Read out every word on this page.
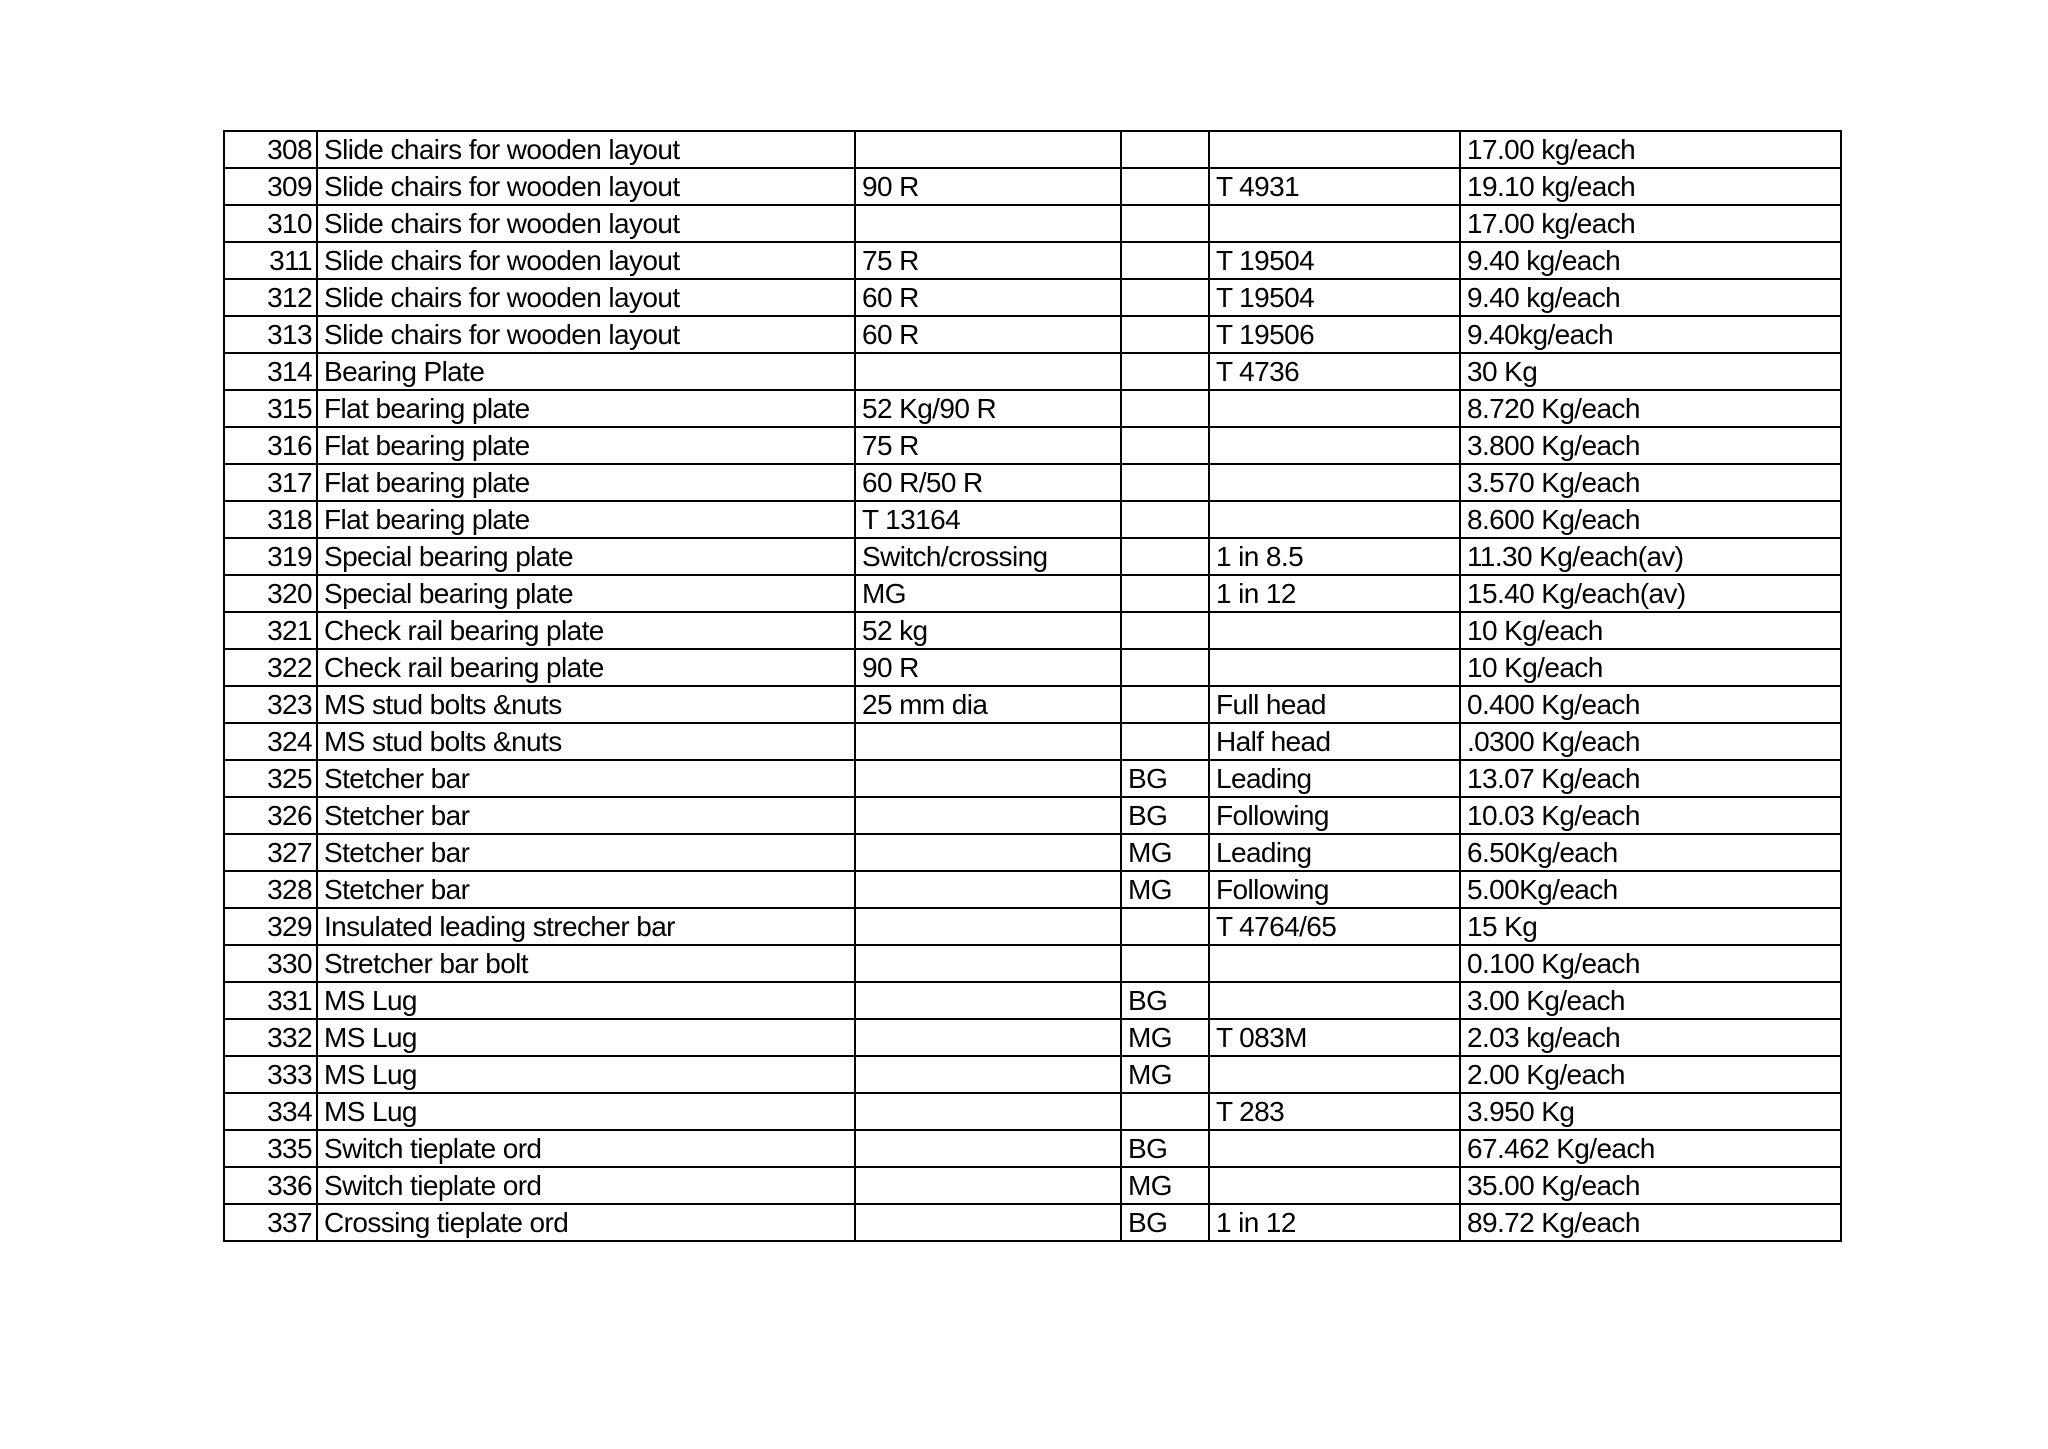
308	Slide chairs for wooden layout				17.00 kg/each
309	Slide chairs for wooden layout	90 R		T 4931	19.10 kg/each
310	Slide chairs for wooden layout				17.00 kg/each
311	Slide chairs for wooden layout	75 R		T 19504	9.40 kg/each
312	Slide chairs for wooden layout	60 R		T 19504	9.40 kg/each
313	Slide chairs for wooden layout	60 R		T 19506	9.40kg/each
314	Bearing Plate			T 4736	30 Kg
315	Flat bearing plate	52 Kg/90 R			8.720 Kg/each
316	Flat bearing plate	75 R			3.800 Kg/each
317	Flat bearing plate	60 R/50 R			3.570 Kg/each
318	Flat bearing plate	T 13164			8.600 Kg/each
319	Special bearing plate	Switch/crossing		1 in 8.5	11.30 Kg/each(av)
320	Special bearing plate	MG		1 in 12	15.40 Kg/each(av)
321	Check rail bearing plate	52 kg			10 Kg/each
322	Check rail bearing plate	90 R			10 Kg/each
323	MS stud bolts &nuts	25 mm dia		Full head	0.400 Kg/each
324	MS stud bolts &nuts			Half head	.0300 Kg/each
325	Stetcher bar		BG	Leading	13.07 Kg/each
326	Stetcher bar		BG	Following	10.03 Kg/each
327	Stetcher bar		MG	Leading	6.50Kg/each
328	Stetcher bar		MG	Following	5.00Kg/each
329	Insulated leading strecher bar			T 4764/65	15 Kg
330	Stretcher bar bolt				0.100 Kg/each
331	MS Lug		BG		3.00 Kg/each
332	MS Lug		MG	T 083M	2.03 kg/each
333	MS Lug		MG		2.00 Kg/each
334	MS Lug			T 283	3.950 Kg
335	Switch tieplate ord		BG		67.462 Kg/each
336	Switch tieplate ord		MG		35.00 Kg/each
337	Crossing tieplate ord		BG	1 in 12	89.72 Kg/each
